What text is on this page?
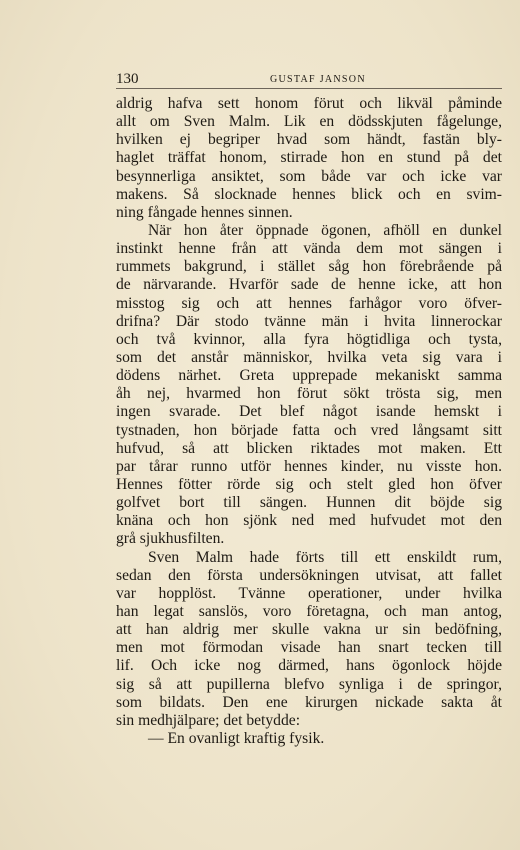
130	GUSTAF JANSON
aldrig hafva sett honom förut och likväl påminde
allt om Sven Malm. Lik en dödsskjuten fågelunge,
hvilken ej begriper hvad som händt, fastän bly-
haglet träffat honom, stirrade hon en stund på det
besynnerliga ansiktet, som både var och icke var
makens. Så slocknade hennes blick och en svim-
ning fångade hennes sinnen.
När hon åter öppnade ögonen, afhöll en dunkel
instinkt henne från att vända dem mot sängen i
rummets bakgrund, i stället såg hon förebrående på
de närvarande. Hvarför sade de henne icke, att hon
misstog sig och att hennes farhågor voro öfver-
drifna? Där stodo tvänne män i hvita linnerockar
och två kvinnor, alla fyra högtidliga och tysta,
som det anstår människor, hvilka veta sig vara i
dödens närhet. Greta upprepade mekaniskt samma
åh nej, hvarmed hon förut sökt trösta sig, men
ingen svarade. Det blef något isande hemskt i
tystnaden, hon började fatta och vred långsamt sitt
hufvud, så att blicken riktades mot maken. Ett
par tårar runno utför hennes kinder, nu visste hon.
Hennes fötter rörde sig och stelt gled hon öfver
golfvet bort till sängen. Hunnen dit böjde sig
knäna och hon sjönk ned med hufvudet mot den
grå sjukhusfilten.
Sven Malm hade förts till ett enskildt rum,
sedan den första undersökningen utvisat, att fallet
var hopplöst. Tvänne operationer, under hvilka
han legat sanslös, voro företagna, och man antog,
att han aldrig mer skulle vakna ur sin bedöfning,
men mot förmodan visade han snart tecken till
lif. Och icke nog därmed, hans ögonlock höjde
sig så att pupillerna blefvo synliga i de springor,
som bildats. Den ene kirurgen nickade sakta åt
sin medhjälpare; det betydde:
— En ovanligt kraftig fysik.
